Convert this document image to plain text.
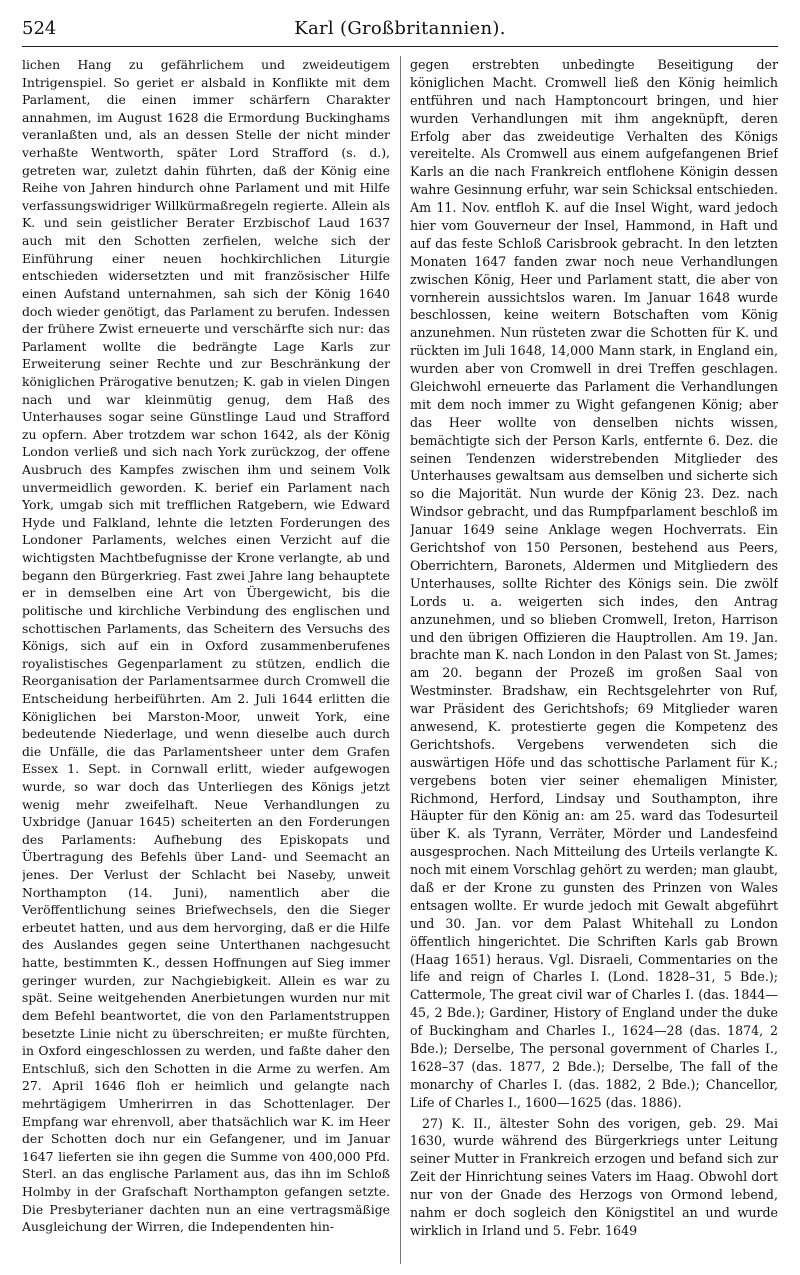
524	Karl (Großbritannien).

lichen Hang zu gefährlichem und zweideutigem Intrigenspiel. So geriet er alsbald in Konflikte mit dem Parlament, die einen immer schärfern Charakter annahmen, im August 1628 die Ermordung Buckinghams veranlaßten und, als an dessen Stelle der nicht minder verhaßte Wentworth, später Lord Strafford (s. d.), getreten war, zuletzt dahin führten, daß der König eine Reihe von Jahren hindurch ohne Parlament und mit Hilfe verfassungswidriger Willkürmaßregeln regierte. Allein als K. und sein geistlicher Berater Erzbischof Laud 1637 auch mit den Schotten zerfielen, welche sich der Einführung einer neuen hochkirchlichen Liturgie entschieden widersetzten und mit französischer Hilfe einen Aufstand unternahmen, sah sich der König 1640 doch wieder genötigt, das Parlament zu berufen. Indessen der frühere Zwist erneuerte und verschärfte sich nur: das Parlament wollte die bedrängte Lage Karls zur Erweiterung seiner Rechte und zur Beschränkung der königlichen Prärogative benutzen; K. gab in vielen Dingen nach und war kleinmütig genug, dem Haß des Unterhauses sogar seine Günstlinge Laud und Strafford zu opfern. Aber trotzdem war schon 1642, als der König London verließ und sich nach York zurückzog, der offene Ausbruch des Kampfes zwischen ihm und seinem Volk unvermeidlich geworden. K. berief ein Parlament nach York, umgab sich mit trefflichen Ratgebern, wie Edward Hyde und Falkland, lehnte die letzten Forderungen des Londoner Parlaments, welches einen Verzicht auf die wichtigsten Machtbefugnisse der Krone verlangte, ab und begann den Bürgerkrieg. Fast zwei Jahre lang behauptete er in demselben eine Art von Übergewicht, bis die politische und kirchliche Verbindung des englischen und schottischen Parlaments, das Scheitern des Versuchs des Königs, sich auf ein in Oxford zusammenberufenes royalistisches Gegenparlament zu stützen, endlich die Reorganisation der Parlamentsarmee durch Cromwell die Entscheidung herbeiführten. Am 2. Juli 1644 erlitten die Königlichen bei Marston-Moor, unweit York, eine bedeutende Niederlage, und wenn dieselbe auch durch die Unfälle, die das Parlamentsheer unter dem Grafen Essex 1. Sept. in Cornwall erlitt, wieder aufgewogen wurde, so war doch das Unterliegen des Königs jetzt wenig mehr zweifelhaft. Neue Verhandlungen zu Uxbridge (Januar 1645) scheiterten an den Forderungen des Parlaments: Aufhebung des Episkopats und Übertragung des Befehls über Land- und Seemacht an jenes. Der Verlust der Schlacht bei Naseby, unweit Northampton (14. Juni), namentlich aber die Veröffentlichung seines Briefwechsels, den die Sieger erbeutet hatten, und aus dem hervorging, daß er die Hilfe des Auslandes gegen seine Unterthanen nachgesucht hatte, bestimmten K., dessen Hoffnungen auf Sieg immer geringer wurden, zur Nachgiebigkeit. Allein es war zu spät. Seine weitgehenden Anerbietungen wurden nur mit dem Befehl beantwortet, die von den Parlamentstruppen besetzte Linie nicht zu überschreiten; er mußte fürchten, in Oxford eingeschlossen zu werden, und faßte daher den Entschluß, sich den Schotten in die Arme zu werfen. Am 27. April 1646 floh er heimlich und gelangte nach mehrtägigem Umherirren in das Schottenlager. Der Empfang war ehrenvoll, aber thatsächlich war K. im Heer der Schotten doch nur ein Gefangener, und im Januar 1647 lieferten sie ihn gegen die Summe von 400,000 Pfd. Sterl. an das englische Parlament aus, das ihn im Schloß Holmby in der Grafschaft Northampton gefangen setzte. Die Presbyterianer dachten nun an eine vertragsmäßige Ausgleichung der Wirren, die Independenten hin-

gegen erstrebten unbedingte Beseitigung der königlichen Macht. Cromwell ließ den König heimlich entführen und nach Hamptoncourt bringen, und hier wurden Verhandlungen mit ihm angeknüpft, deren Erfolg aber das zweideutige Verhalten des Königs vereitelte. Als Cromwell aus einem aufgefangenen Brief Karls an die nach Frankreich entflohene Königin dessen wahre Gesinnung erfuhr, war sein Schicksal entschieden. Am 11. Nov. entfloh K. auf die Insel Wight, ward jedoch hier vom Gouverneur der Insel, Hammond, in Haft und auf das feste Schloß Carisbrook gebracht. In den letzten Monaten 1647 fanden zwar noch neue Verhandlungen zwischen König, Heer und Parlament statt, die aber von vornherein aussichtslos waren. Im Januar 1648 wurde beschlossen, keine weitern Botschaften vom König anzunehmen. Nun rüsteten zwar die Schotten für K. und rückten im Juli 1648, 14,000 Mann stark, in England ein, wurden aber von Cromwell in drei Treffen geschlagen. Gleichwohl erneuerte das Parlament die Verhandlungen mit dem noch immer zu Wight gefangenen König; aber das Heer wollte von denselben nichts wissen, bemächtigte sich der Person Karls, entfernte 6. Dez. die seinen Tendenzen widerstrebenden Mitglieder des Unterhauses gewaltsam aus demselben und sicherte sich so die Majorität. Nun wurde der König 23. Dez. nach Windsor gebracht, und das Rumpfparlament beschloß im Januar 1649 seine Anklage wegen Hochverrats. Ein Gerichtshof von 150 Personen, bestehend aus Peers, Oberrichtern, Baronets, Aldermen und Mitgliedern des Unterhauses, sollte Richter des Königs sein. Die zwölf Lords u. a. weigerten sich indes, den Antrag anzunehmen, und so blieben Cromwell, Ireton, Harrison und den übrigen Offizieren die Hauptrollen. Am 19. Jan. brachte man K. nach London in den Palast von St. James; am 20. begann der Prozeß im großen Saal von Westminster. Bradshaw, ein Rechtsgelehrter von Ruf, war Präsident des Gerichtshofs; 69 Mitglieder waren anwesend, K. protestierte gegen die Kompetenz des Gerichtshofs. Vergebens verwendeten sich die auswärtigen Höfe und das schottische Parlament für K.; vergebens boten vier seiner ehemaligen Minister, Richmond, Herford, Lindsay und Southampton, ihre Häupter für den König an: am 25. ward das Todesurteil über K. als Tyrann, Verräter, Mörder und Landesfeind ausgesprochen. Nach Mitteilung des Urteils verlangte K. noch mit einem Vorschlag gehört zu werden; man glaubt, daß er der Krone zu gunsten des Prinzen von Wales entsagen wollte. Er wurde jedoch mit Gewalt abgeführt und 30. Jan. vor dem Palast Whitehall zu London öffentlich hingerichtet. Die Schriften Karls gab Brown (Haag 1651) heraus. Vgl. Disraeli, Commentaries on the life and reign of Charles I. (Lond. 1828–31, 5 Bde.); Cattermole, The great civil war of Charles I. (das. 1844—45, 2 Bde.); Gardiner, History of England under the duke of Buckingham and Charles I., 1624—28 (das. 1874, 2 Bde.); Derselbe, The personal government of Charles I., 1628–37 (das. 1877, 2 Bde.); Derselbe, The fall of the monarchy of Charles I. (das. 1882, 2 Bde.); Chancellor, Life of Charles I., 1600—1625 (das. 1886).

27) K. II., ältester Sohn des vorigen, geb. 29. Mai 1630, wurde während des Bürgerkriegs unter Leitung seiner Mutter in Frankreich erzogen und befand sich zur Zeit der Hinrichtung seines Vaters im Haag. Obwohl dort nur von der Gnade des Herzogs von Ormond lebend, nahm er doch sogleich den Königstitel an und wurde wirklich in Irland und 5. Febr. 1649
